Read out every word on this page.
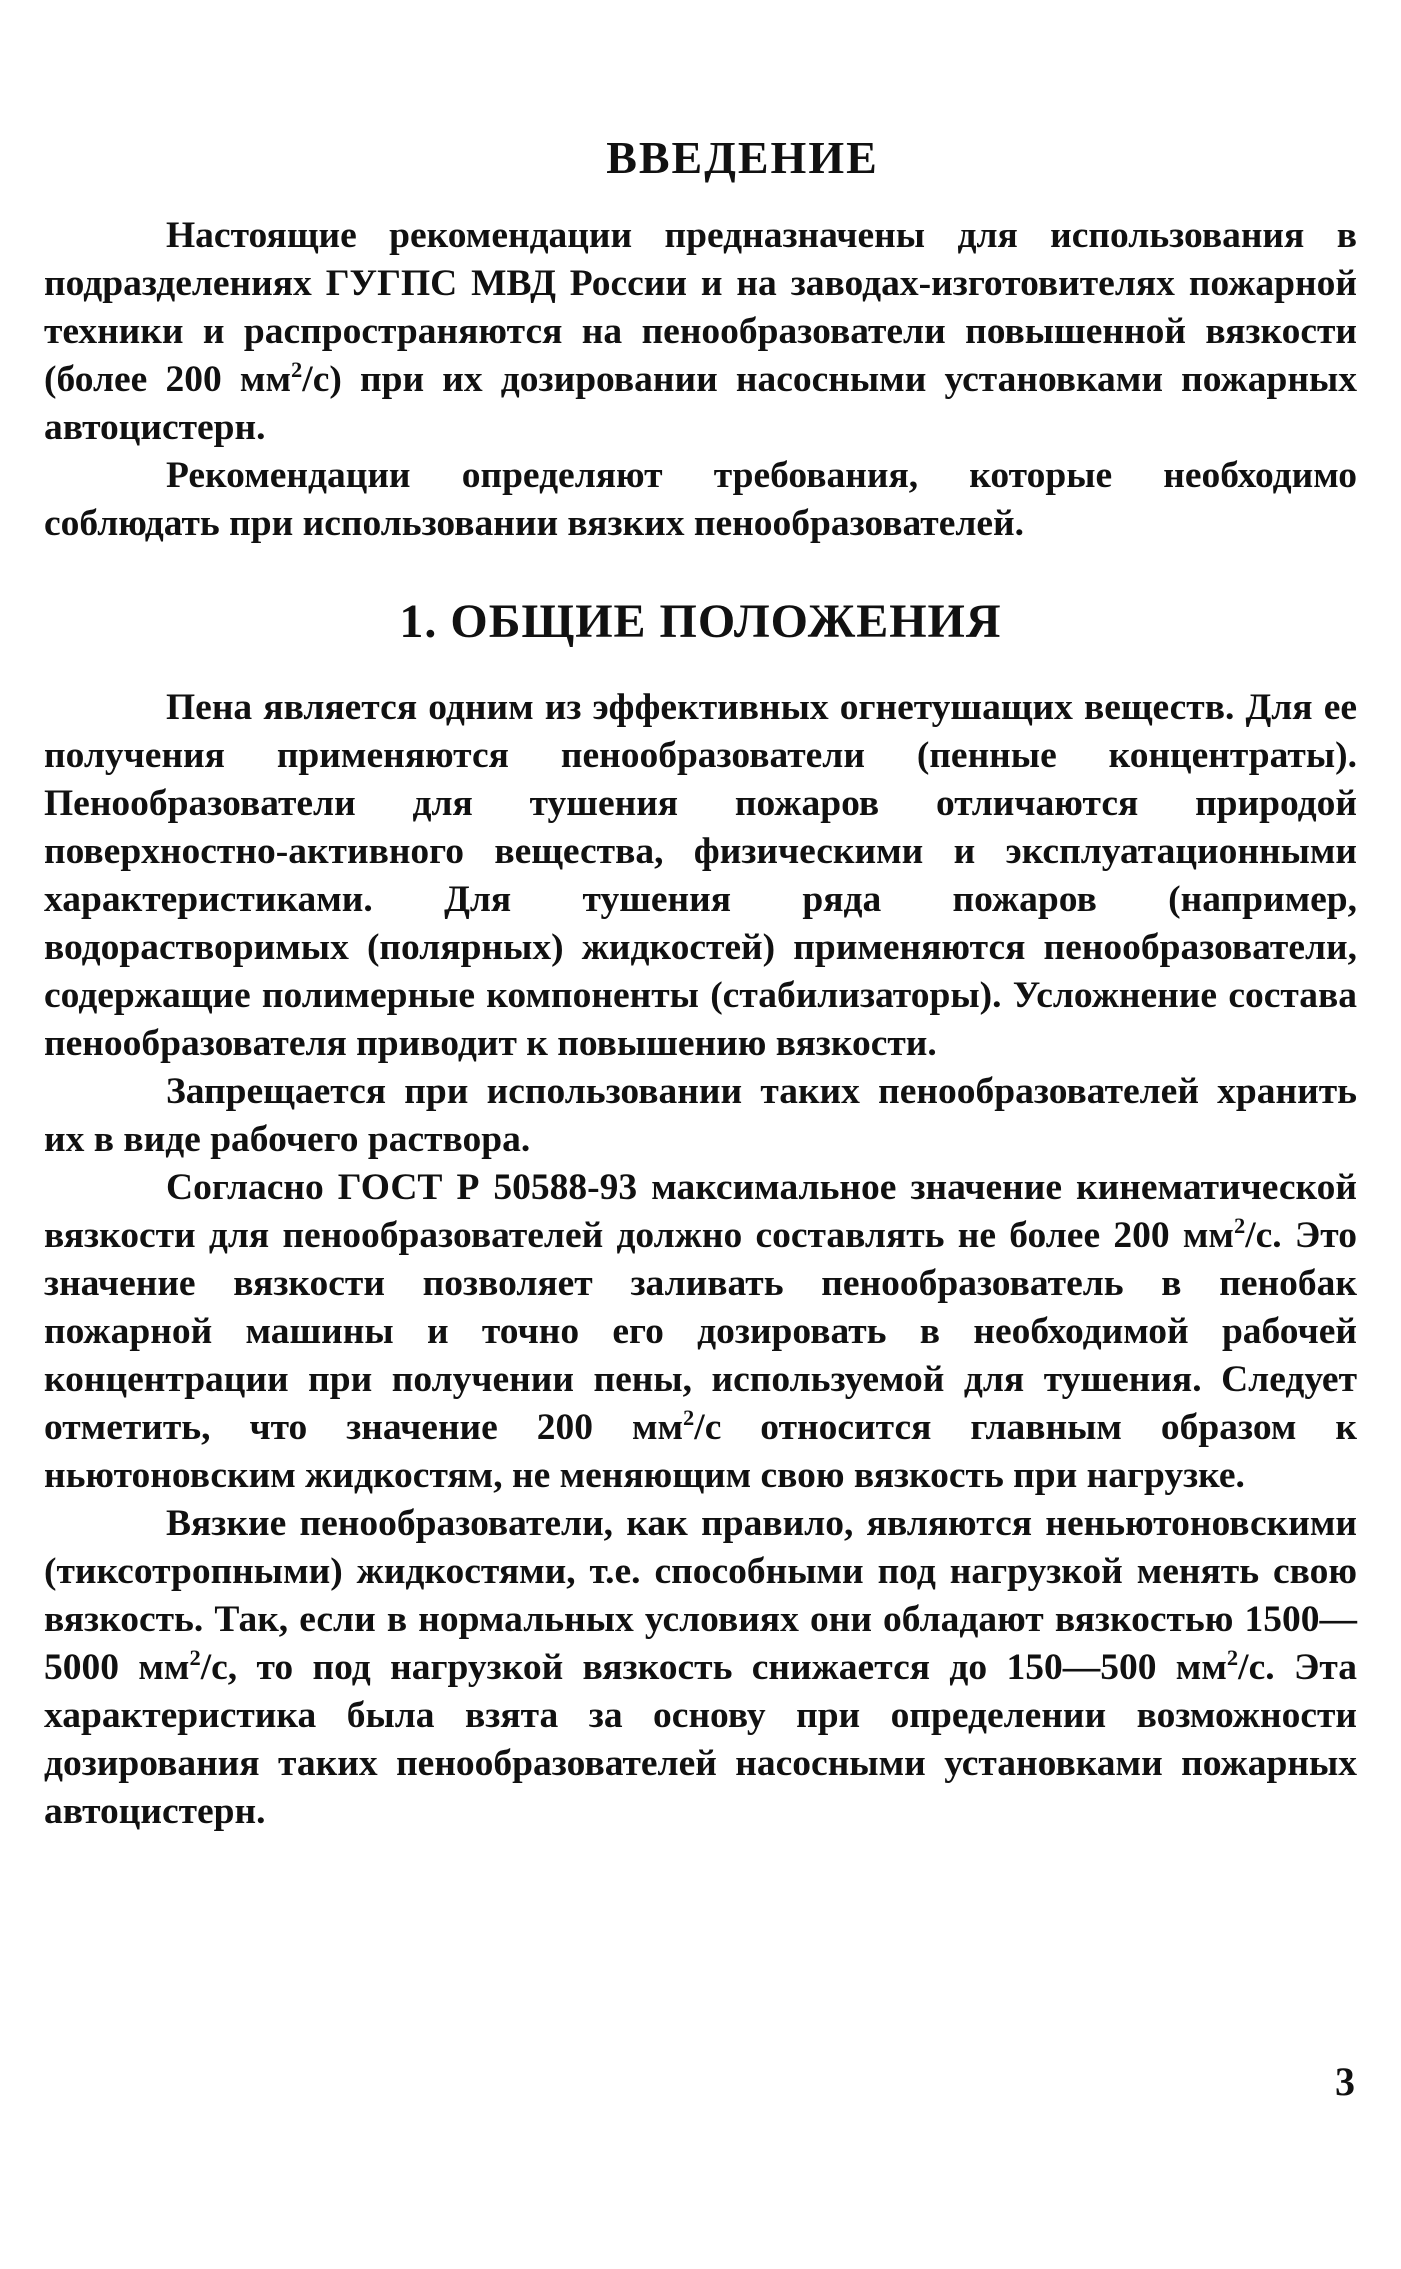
ВВЕДЕНИЕ

Настоящие рекомендации предназначены для использования в подразделениях ГУГПС МВД России и на заводах-изготовителях пожарной техники и распространяются на пенообразователи повышенной вязкости (более 200 $мм^2/с$) при их дозировании насосными установками пожарных автоцистерн.

Рекомендации определяют требования, которые необходимо соблюдать при использовании вязких пенообразователей.

1. ОБЩИЕ ПОЛОЖЕНИЯ

Пена является одним из эффективных огнетушащих веществ. Для ее получения применяются пенообразователи (пенные концентраты). Пенообразователи для тушения пожаров отличаются природой поверхностно-активного вещества, физическими и эксплуатационными характеристиками. Для тушения ряда пожаров (например, водорастворимых (полярных) жидкостей) применяются пенообразователи, содержащие полимерные компоненты (стабилизаторы). Усложнение состава пенообразователя приводит к повышению вязкости.

Запрещается при использовании таких пенообразователей хранить их в виде рабочего раствора.

Согласно ГОСТ Р 50588-93 максимальное значение кинематической вязкости для пенообразователей должно составлять не более 200 $мм^2/с$. Это значение вязкости позволяет заливать пенообразователь в пенобак пожарной машины и точно его дозировать в необходимой рабочей концентрации при получении пены, используемой для тушения. Следует отметить, что значение 200 $мм^2/с$ относится главным образом к ньютоновским жидкостям, не меняющим свою вязкость при нагрузке.

Вязкие пенообразователи, как правило, являются неньютоновскими (тиксотропными) жидкостями, т.е. способными под нагрузкой менять свою вязкость. Так, если в нормальных условиях они обладают вязкостью 1500—5000 $мм^2/с$, то под нагрузкой вязкость снижается до 150—500 $мм^2/с$. Эта характеристика была взята за основу при определении возможности дозирования таких пенообразователей насосными установками пожарных автоцистерн.

3
